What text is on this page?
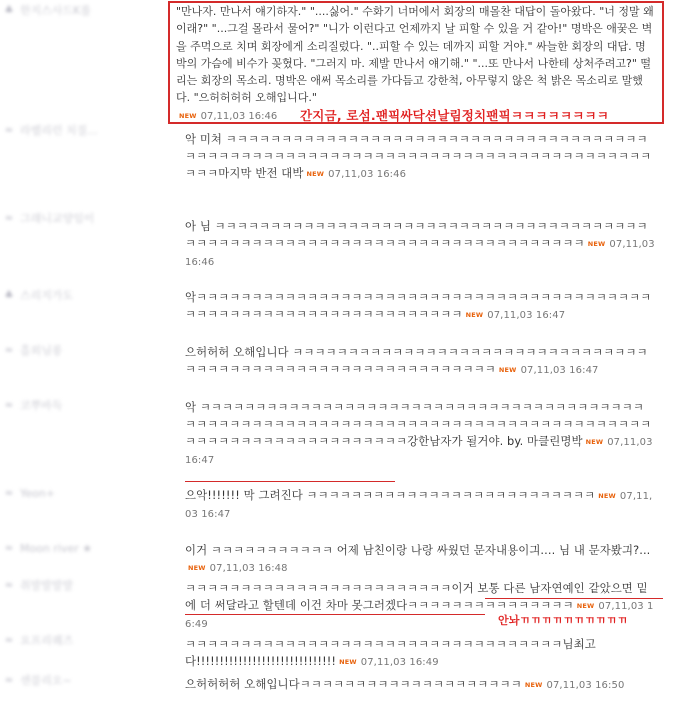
♣ 한지스사드K롤
≈ 라벨리런 치질...
≈ 그래니교양임이
♣ 스리지가도
≈ 흘외님롱
≈ 코뿌바득
≈ Yeon+
≈ Moon river ★
≈ 취발발발발
≈ 요프리퀘즈
≈ 센블리오~
"만나자. 만나서 얘기하자." "....싫어." 수화기 너머에서 회장의 매몰찬 대답이 돌아왔다. "너 정말 왜이래?" "...그걸 몰라서 물어?" "니가 이런다고 언제까지 날 피할 수 있을 거 같아!" 명박은 애꿎은 벽을 주먹으로 치며 회장에게 소리질렀다. "..피할 수 있는 데까지 피할 거야." 싸늘한 회장의 대답. 명박의 가슴에 비수가 꽂혔다. "그러지 마. 제발 만나서 얘기해." "...또 만나서 나한테 상처주려고?" 떨리는 회장의 목소리. 명박은 애써 목소리를 가다듬고 강한척, 아무렇지 않은 척 밝은 목소리로 말했다. "으허허허허 오해입니다."
NEW 07,11,03 16:46	간지금, 로섬.팬픽싸닥션날림정치팬픽ㅋㅋㅋㅋㅋㅋㅋㅋ
악 미쳐 ㅋㅋㅋㅋㅋㅋㅋㅋㅋㅋㅋㅋㅋㅋㅋㅋㅋㅋㅋㅋㅋㅋㅋㅋㅋㅋㅋㅋㅋㅋㅋㅋㅋㅋㅋㅋㅋㅋㅋㅋㅋㅋㅋㅋㅋㅋㅋㅋㅋㅋㅋㅋㅋㅋㅋㅋㅋㅋㅋㅋㅋㅋㅋㅋㅋㅋㅋㅋㅋㅋㅋㅋㅋㅋㅋㅋㅋㅋㅋㅋㅋㅋㅋ마지막 반전 대박 NEW 07,11,03 16:46
아 님 ㅋㅋㅋㅋㅋㅋㅋㅋㅋㅋㅋㅋㅋㅋㅋㅋㅋㅋㅋㅋㅋㅋㅋㅋㅋㅋㅋㅋㅋㅋㅋㅋㅋㅋㅋㅋㅋㅋㅋㅋㅋㅋㅋㅋㅋㅋㅋㅋㅋㅋㅋㅋㅋㅋㅋㅋㅋㅋㅋㅋㅋㅋㅋㅋㅋㅋㅋㅋㅋㅋㅋㅋㅋㅋㅋ NEW 07,11,03 16:46
악ㅋㅋㅋㅋㅋㅋㅋㅋㅋㅋㅋㅋㅋㅋㅋㅋㅋㅋㅋㅋㅋㅋㅋㅋㅋㅋㅋㅋㅋㅋㅋㅋㅋㅋㅋㅋㅋㅋㅋㅋㅋㅋㅋㅋㅋㅋㅋㅋㅋㅋㅋㅋㅋㅋㅋㅋㅋㅋㅋㅋㅋㅋㅋㅋㅋㅋ NEW 07,11,03 16:47
으허허허 오해입니다 ㅋㅋㅋㅋㅋㅋㅋㅋㅋㅋㅋㅋㅋㅋㅋㅋㅋㅋㅋㅋㅋㅋㅋㅋㅋㅋㅋㅋㅋㅋㅋㅋㅋㅋㅋㅋㅋㅋㅋㅋㅋㅋㅋㅋㅋㅋㅋㅋㅋㅋㅋㅋㅋㅋㅋㅋㅋㅋㅋㅋ NEW 07,11,03 16:47
악 ㅋㅋㅋㅋㅋㅋㅋㅋㅋㅋㅋㅋㅋㅋㅋㅋㅋㅋㅋㅋㅋㅋㅋㅋㅋㅋㅋㅋㅋㅋㅋㅋㅋㅋㅋㅋㅋㅋㅋㅋㅋㅋㅋㅋㅋㅋㅋㅋㅋㅋㅋㅋㅋㅋㅋㅋㅋㅋㅋㅋㅋㅋㅋㅋㅋㅋㅋㅋㅋㅋㅋㅋㅋㅋㅋㅋㅋㅋㅋㅋㅋㅋㅋㅋㅋㅋㅋㅋㅋㅋㅋㅋㅋㅋㅋㅋㅋㅋㅋㅋㅋㅋ강한남자가 될거야. by. 마클린명박 NEW 07,11,03 16:47
으악!!!!!!! 막 그려진다 ㅋㅋㅋㅋㅋㅋㅋㅋㅋㅋㅋㅋㅋㅋㅋㅋㅋㅋㅋㅋㅋㅋㅋㅋㅋㅋ NEW 07,11,03 16:47
이거 ㅋㅋㅋㅋㅋㅋㅋㅋㅋㅋㅋ 어제 남친이랑 나랑 싸웠던 문자내용이긔.... 님 내 문자봤긔?...NEW 07,11,03 16:48
ㅋㅋㅋㅋㅋㅋㅋㅋㅋㅋㅋㅋㅋㅋㅋㅋㅋㅋㅋㅋㅋㅋㅋㅋ이거 보통 다른 남자연예인 같았으면 밑에 더 써달라고 할텐데 이건 차마 못그러겠다ㅋㅋㅋㅋㅋㅋㅋㅋㅋㅋㅋㅋㅋㅋㅋ NEW 07,11,03 16:49	안놔ㄲㄲㄲㄲㄲㄲㄲㄲㄲㄲ
ㅋㅋㅋㅋㅋㅋㅋㅋㅋㅋㅋㅋㅋㅋㅋㅋㅋㅋㅋㅋㅋㅋㅋㅋㅋㅋㅋㅋㅋㅋㅋㅋㅋㅋ님최고다!!!!!!!!!!!!!!!!!!!!!!!!!!!!!! NEW 07,11,03 16:49
으허허허허 오해입니다ㅋㅋㅋㅋㅋㅋㅋㅋㅋㅋㅋㅋㅋㅋㅋㅋㅋㅋㅋㅋ NEW 07,11,03 16:50
